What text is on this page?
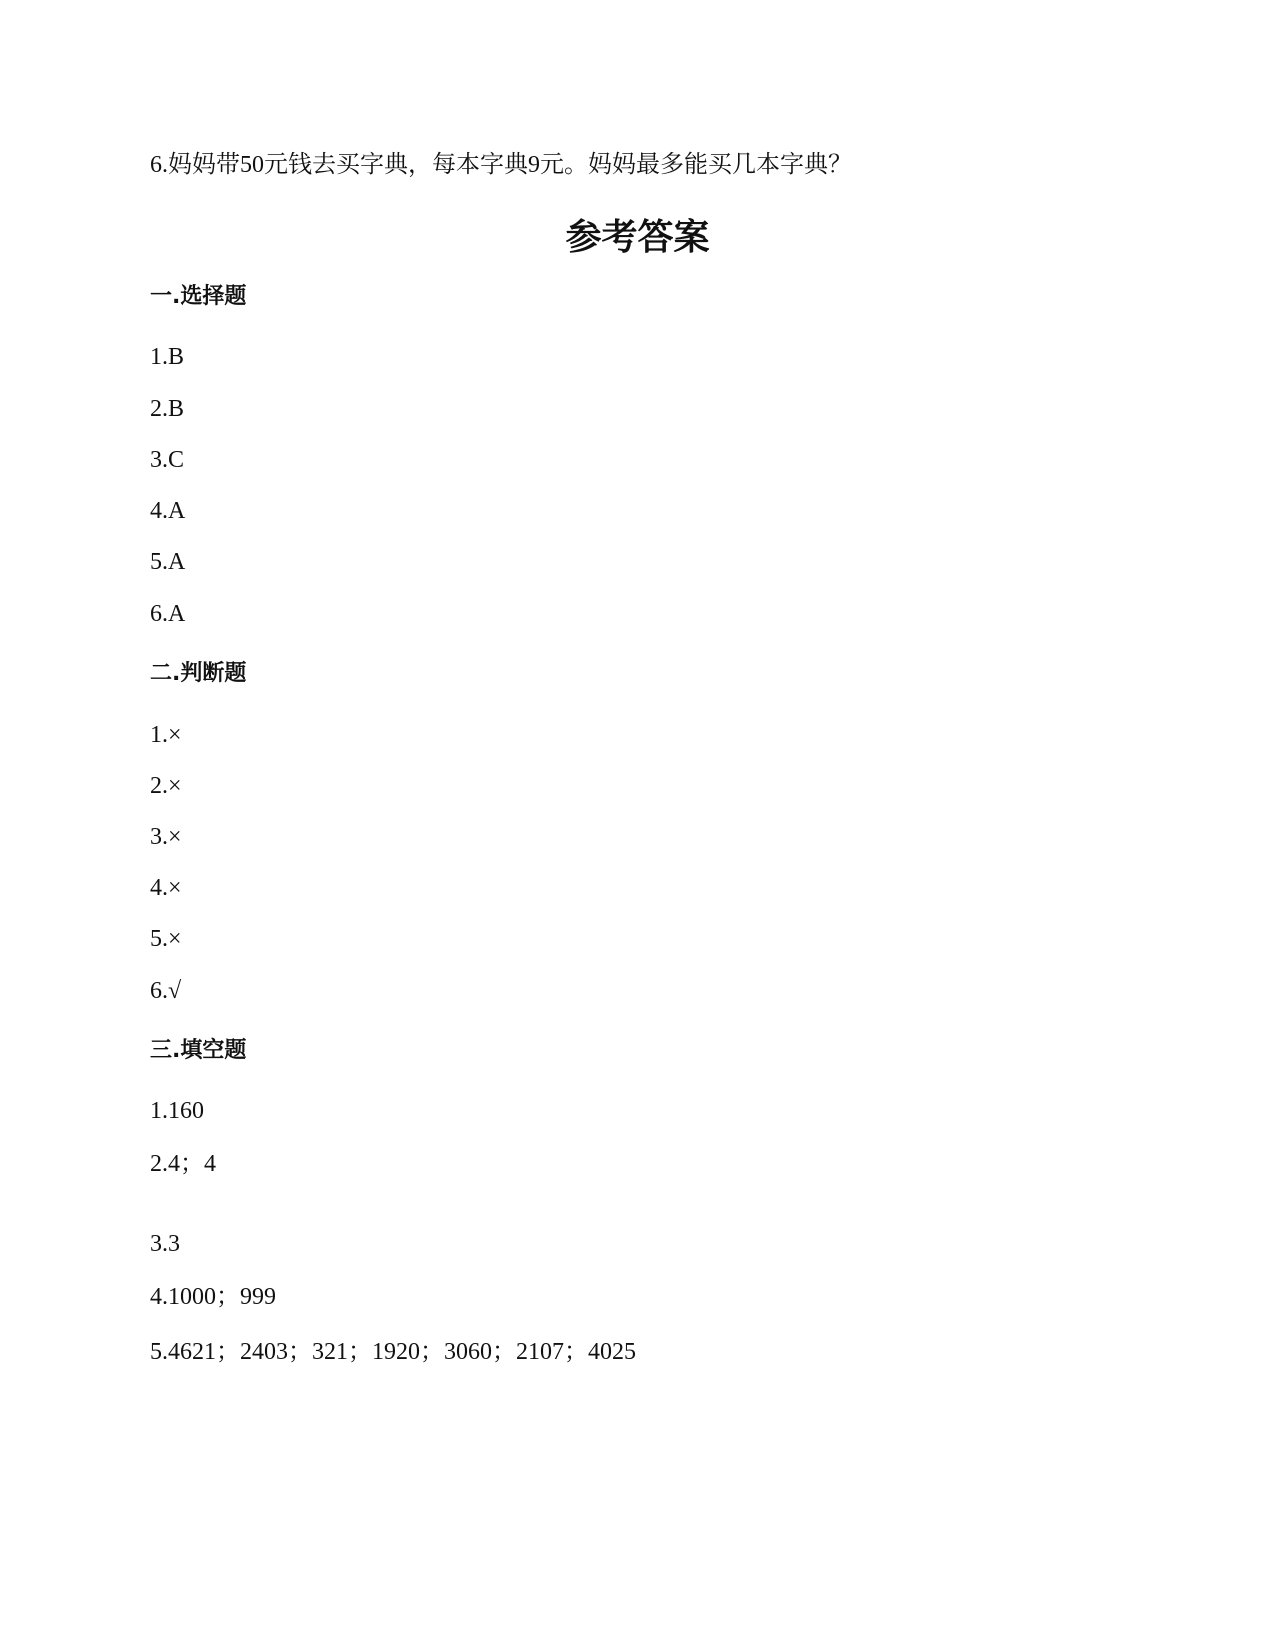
6.妈妈带50元钱去买字典，每本字典9元。妈妈最多能买几本字典？
参考答案
一.选择题
1.B
2.B
3.C
4.A
5.A
6.A
二.判断题
1.×
2.×
3.×
4.×
5.×
6.√
三.填空题
1.160
2.4；4
3.3
4.1000；999
5.4621；2403；321；1920；3060；2107；4025
